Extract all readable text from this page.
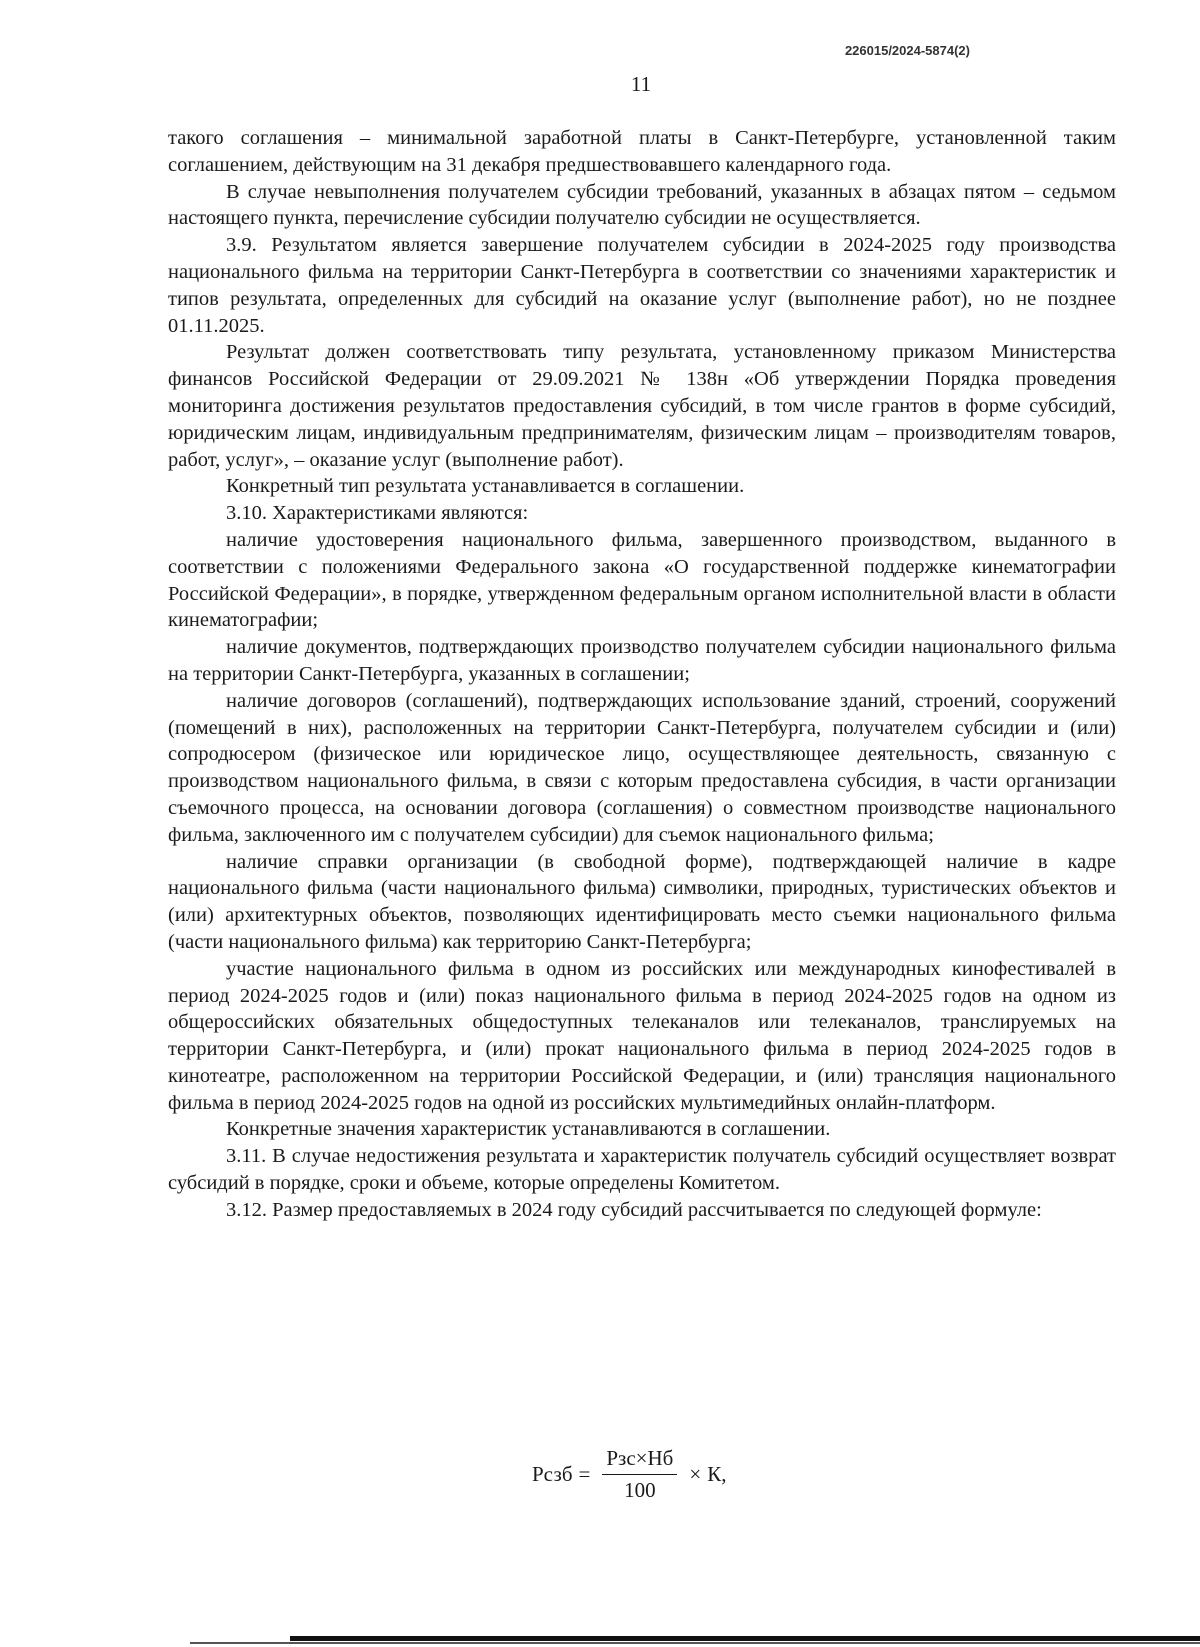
226015/2024-5874(2)
11

такого соглашения – минимальной заработной платы в Санкт-Петербурге, установленной таким соглашением, действующим на 31 декабря предшествовавшего календарного года.

В случае невыполнения получателем субсидии требований, указанных в абзацах пятом – седьмом настоящего пункта, перечисление субсидии получателю субсидии не осуществляется.

3.9. Результатом является завершение получателем субсидии в 2024-2025 году производства национального фильма на территории Санкт-Петербурга в соответствии со значениями характеристик и типов результата, определенных для субсидий на оказание услуг (выполнение работ), но не позднее 01.11.2025.

Результат должен соответствовать типу результата, установленному приказом Министерства финансов Российской Федерации от 29.09.2021 № 138н «Об утверждении Порядка проведения мониторинга достижения результатов предоставления субсидий, в том числе грантов в форме субсидий, юридическим лицам, индивидуальным предпринимателям, физическим лицам – производителям товаров, работ, услуг», – оказание услуг (выполнение работ).

Конкретный тип результата устанавливается в соглашении.

3.10. Характеристиками являются:

наличие удостоверения национального фильма, завершенного производством, выданного в соответствии с положениями Федерального закона «О государственной поддержке кинематографии Российской Федерации», в порядке, утвержденном федеральным органом исполнительной власти в области кинематографии;

наличие документов, подтверждающих производство получателем субсидии национального фильма на территории Санкт-Петербурга, указанных в соглашении;

наличие договоров (соглашений), подтверждающих использование зданий, строений, сооружений (помещений в них), расположенных на территории Санкт-Петербурга, получателем субсидии и (или) сопродюсером (физическое или юридическое лицо, осуществляющее деятельность, связанную с производством национального фильма, в связи с которым предоставлена субсидия, в части организации съемочного процесса, на основании договора (соглашения) о совместном производстве национального фильма, заключенного им с получателем субсидии) для съемок национального фильма;

наличие справки организации (в свободной форме), подтверждающей наличие в кадре национального фильма (части национального фильма) символики, природных, туристических объектов и (или) архитектурных объектов, позволяющих идентифицировать место съемки национального фильма (части национального фильма) как территорию Санкт-Петербурга;

участие национального фильма в одном из российских или международных кинофестивалей в период 2024-2025 годов и (или) показ национального фильма в период 2024-2025 годов на одном из общероссийских обязательных общедоступных телеканалов или телеканалов, транслируемых на территории Санкт-Петербурга, и (или) прокат национального фильма в период 2024-2025 годов в кинотеатре, расположенном на территории Российской Федерации, и (или) трансляция национального фильма в период 2024-2025 годов на одной из российских мультимедийных онлайн-платформ.

Конкретные значения характеристик устанавливаются в соглашении.

3.11. В случае недостижения результата и характеристик получатель субсидий осуществляет возврат субсидий в порядке, сроки и объеме, которые определены Комитетом.

3.12. Размер предоставляемых в 2024 году субсидий рассчитывается по следующей формуле:

Рсзб = $\frac{\text{Рзс×Нб}}{100} \times К$,
